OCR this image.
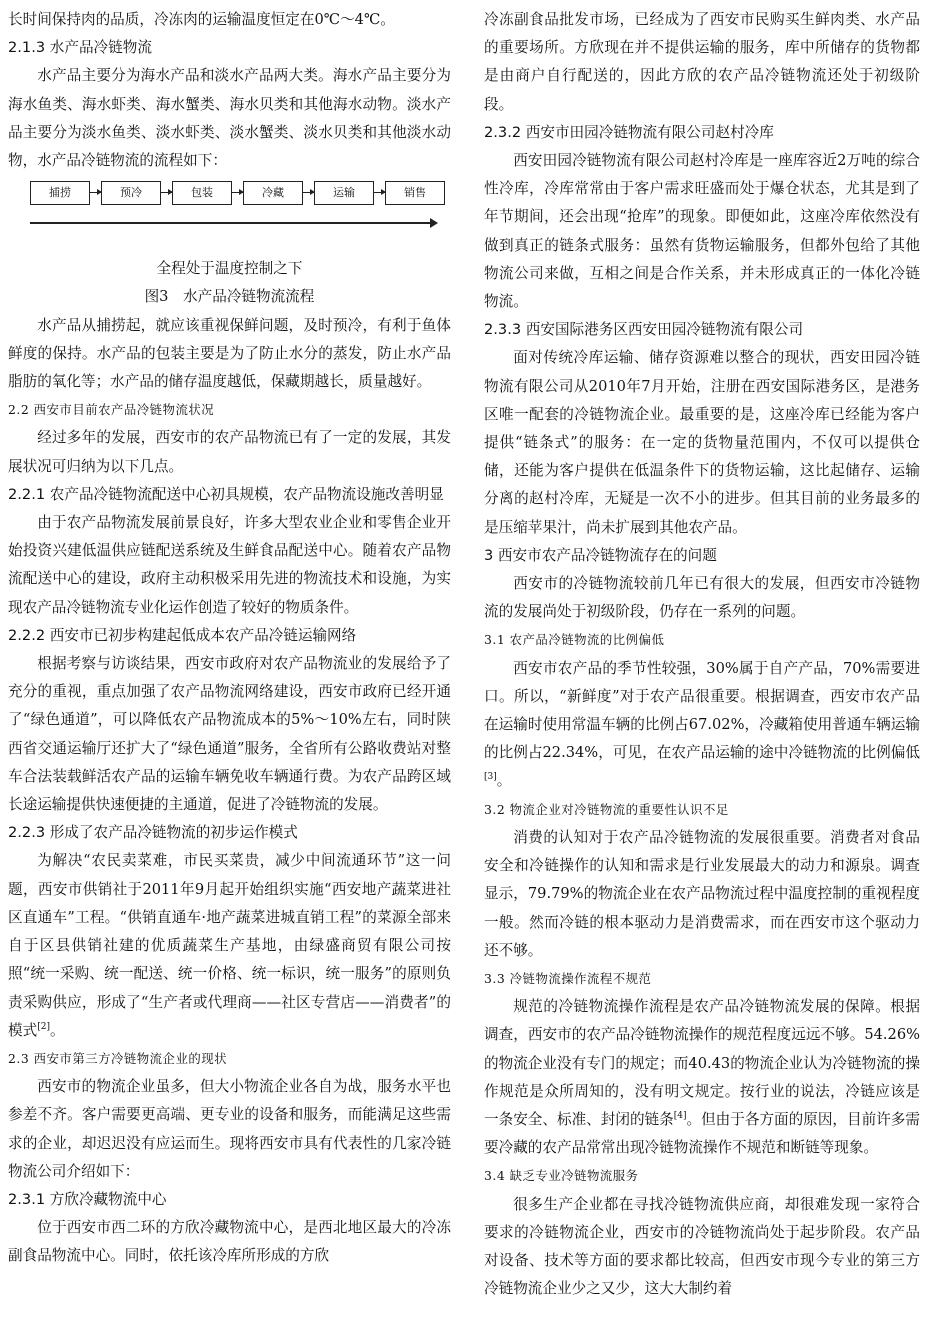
长时间保持肉的品质，冷冻肉的运输温度恒定在0℃～4℃。

2.1.3 水产品冷链物流

水产品主要分为海水产品和淡水产品两大类。海水产品主要分为海水鱼类、海水虾类、海水蟹类、海水贝类和其他海水动物。淡水产品主要分为淡水鱼类、淡水虾类、淡水蟹类、淡水贝类和其他淡水动物，水产品冷链物流的流程如下：

捕捞	预冷	包装	冷藏	运输	销售

全程处于温度控制之下

图3　水产品冷链物流流程

水产品从捕捞起，就应该重视保鲜问题，及时预冷，有利于鱼体鲜度的保持。水产品的包装主要是为了防止水分的蒸发，防止水产品脂肪的氧化等；水产品的储存温度越低，保藏期越长，质量越好。

2.2 西安市目前农产品冷链物流状况

经过多年的发展，西安市的农产品物流已有了一定的发展，其发展状况可归纳为以下几点。

2.2.1 农产品冷链物流配送中心初具规模，农产品物流设施改善明显

由于农产品物流发展前景良好，许多大型农业企业和零售企业开始投资兴建低温供应链配送系统及生鲜食品配送中心。随着农产品物流配送中心的建设，政府主动积极采用先进的物流技术和设施，为实现农产品冷链物流专业化运作创造了较好的物质条件。

2.2.2 西安市已初步构建起低成本农产品冷链运输网络

根据考察与访谈结果，西安市政府对农产品物流业的发展给予了充分的重视，重点加强了农产品物流网络建设，西安市政府已经开通了“绿色通道”，可以降低农产品物流成本的5%～10%左右，同时陕西省交通运输厅还扩大了“绿色通道”服务，全省所有公路收费站对整车合法装载鲜活农产品的运输车辆免收车辆通行费。为农产品跨区域长途运输提供快速便捷的主通道，促进了冷链物流的发展。

2.2.3 形成了农产品冷链物流的初步运作模式

为解决“农民卖菜难，市民买菜贵，减少中间流通环节”这一问题，西安市供销社于2011年9月起开始组织实施“西安地产蔬菜进社区直通车”工程。“供销直通车·地产蔬菜进城直销工程”的菜源全部来自于区县供销社建的优质蔬菜生产基地，由绿盛商贸有限公司按照“统一采购、统一配送、统一价格、统一标识，统一服务”的原则负责采购供应，形成了“生产者或代理商——社区专营店——消费者”的模式[2]。

2.3 西安市第三方冷链物流企业的现状

西安市的物流企业虽多，但大小物流企业各自为战，服务水平也参差不齐。客户需要更高端、更专业的设备和服务，而能满足这些需求的企业，却迟迟没有应运而生。现将西安市具有代表性的几家冷链物流公司介绍如下：

2.3.1 方欣冷藏物流中心

位于西安市西二环的方欣冷藏物流中心，是西北地区最大的冷冻副食品物流中心。同时，依托该冷库所形成的方欣

冷冻副食品批发市场，已经成为了西安市民购买生鲜肉类、水产品的重要场所。方欣现在并不提供运输的服务，库中所储存的货物都是由商户自行配送的，因此方欣的农产品冷链物流还处于初级阶段。

2.3.2 西安市田园冷链物流有限公司赵村冷库

西安田园冷链物流有限公司赵村冷库是一座库容近2万吨的综合性冷库，冷库常常由于客户需求旺盛而处于爆仓状态，尤其是到了年节期间，还会出现“抢库”的现象。即便如此，这座冷库依然没有做到真正的链条式服务：虽然有货物运输服务，但都外包给了其他物流公司来做，互相之间是合作关系，并未形成真正的一体化冷链物流。

2.3.3 西安国际港务区西安田园冷链物流有限公司

面对传统冷库运输、储存资源难以整合的现状，西安田园冷链物流有限公司从2010年7月开始，注册在西安国际港务区，是港务区唯一配套的冷链物流企业。最重要的是，这座冷库已经能为客户提供“链条式”的服务：在一定的货物量范围内，不仅可以提供仓储，还能为客户提供在低温条件下的货物运输，这比起储存、运输分离的赵村冷库，无疑是一次不小的进步。但其目前的业务最多的是压缩苹果汁，尚未扩展到其他农产品。

3 西安市农产品冷链物流存在的问题

西安市的冷链物流较前几年已有很大的发展，但西安市冷链物流的发展尚处于初级阶段，仍存在一系列的问题。

3.1 农产品冷链物流的比例偏低

西安市农产品的季节性较强，30%属于自产产品，70%需要进口。所以，“新鲜度”对于农产品很重要。根据调查，西安市农产品在运输时使用常温车辆的比例占67.02%，冷藏箱使用普通车辆运输的比例占22.34%，可见，在农产品运输的途中冷链物流的比例偏低[3]。

3.2 物流企业对冷链物流的重要性认识不足

消费的认知对于农产品冷链物流的发展很重要。消费者对食品安全和冷链操作的认知和需求是行业发展最大的动力和源泉。调查显示，79.79%的物流企业在农产品物流过程中温度控制的重视程度一般。然而冷链的根本驱动力是消费需求，而在西安市这个驱动力还不够。

3.3 冷链物流操作流程不规范

规范的冷链物流操作流程是农产品冷链物流发展的保障。根据调查，西安市的农产品冷链物流操作的规范程度远远不够。54.26%的物流企业没有专门的规定；而40.43的物流企业认为冷链物流的操作规范是众所周知的，没有明文规定。按行业的说法，冷链应该是一条安全、标准、封闭的链条[4]。但由于各方面的原因，目前许多需要冷藏的农产品常常出现冷链物流操作不规范和断链等现象。

3.4 缺乏专业冷链物流服务

很多生产企业都在寻找冷链物流供应商，却很难发现一家符合要求的冷链物流企业，西安市的冷链物流尚处于起步阶段。农产品对设备、技术等方面的要求都比较高，但西安市现今专业的第三方冷链物流企业少之又少，这大大制约着
